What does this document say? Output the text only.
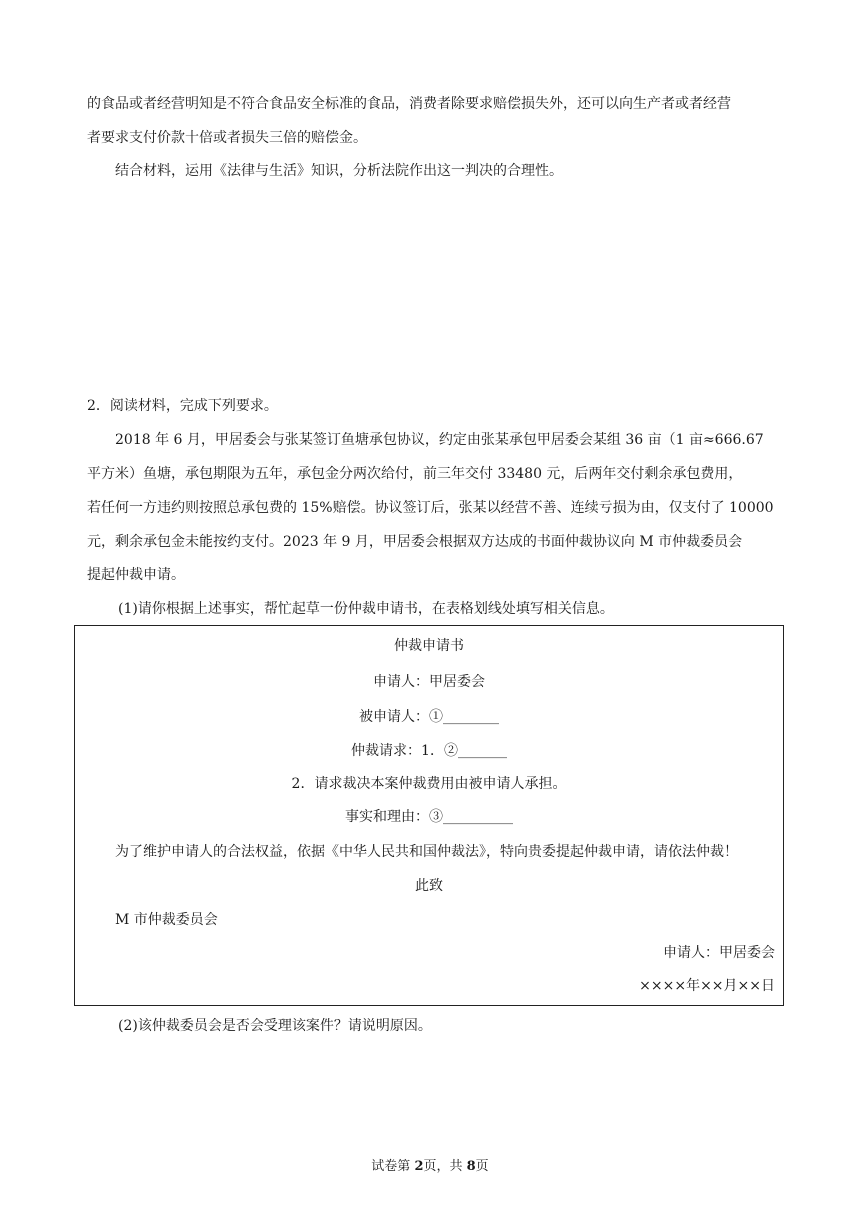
的食品或者经营明知是不符合食品安全标准的食品，消费者除要求赔偿损失外，还可以向生产者或者经营
者要求支付价款十倍或者损失三倍的赔偿金。
结合材料，运用《法律与生活》知识，分析法院作出这一判决的合理性。
2．阅读材料，完成下列要求。
2018 年 6 月，甲居委会与张某签订鱼塘承包协议，约定由张某承包甲居委会某组 36 亩（1 亩≈666.67
平方米）鱼塘，承包期限为五年，承包金分两次给付，前三年交付 33480 元，后两年交付剩余承包费用，
若任何一方违约则按照总承包费的 15%赔偿。协议签订后，张某以经营不善、连续亏损为由，仅支付了 10000
元，剩余承包金未能按约支付。2023 年 9 月，甲居委会根据双方达成的书面仲裁协议向 M 市仲裁委员会
提起仲裁申请。
(1)请你根据上述事实，帮忙起草一份仲裁申请书，在表格划线处填写相关信息。
仲裁申请书
申请人：甲居委会
被申请人：①________
仲裁请求：1．②_______
2．请求裁决本案仲裁费用由被申请人承担。
事实和理由：③__________
为了维护申请人的合法权益，依据《中华人民共和国仲裁法》，特向贵委提起仲裁申请，请依法仲裁！
此致
M 市仲裁委员会
申请人：甲居委会
××××年××月××日
(2)该仲裁委员会是否会受理该案件？请说明原因。
试卷第 2页，共 8页
